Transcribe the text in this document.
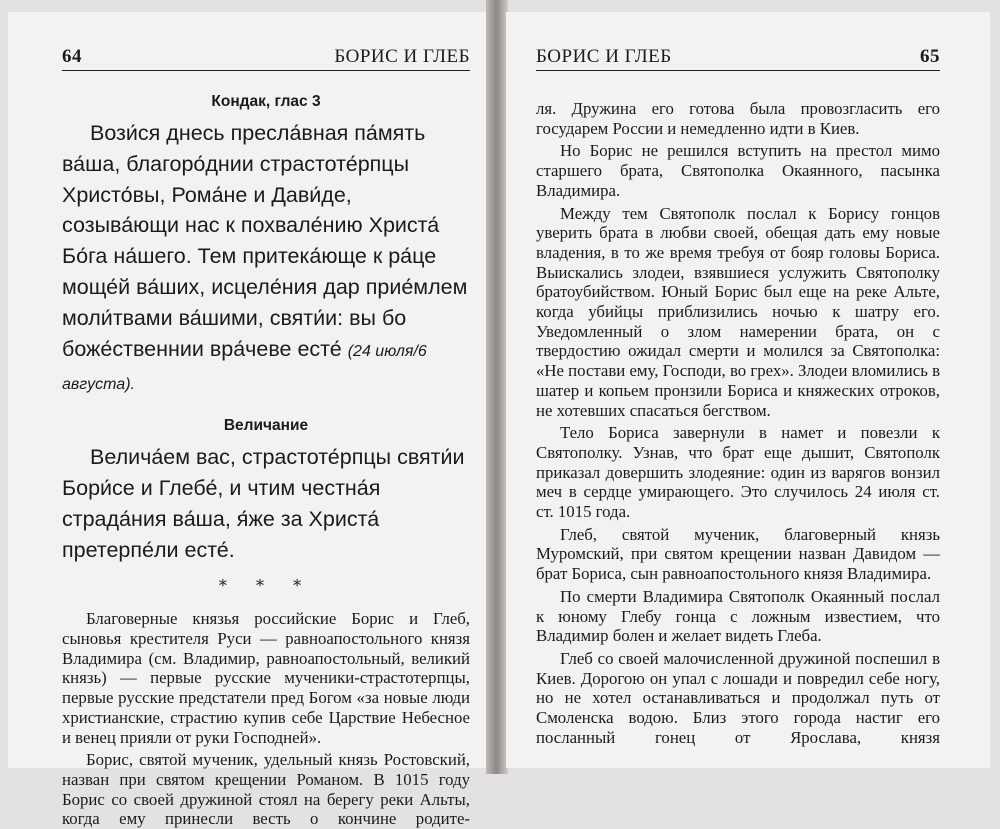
64	БОРИС И ГЛЕБ

Кондак, глас 3

Вози́ся днесь пресла́вная па́мять ва́ша, благоро́днии страстоте́рпцы Христо́вы, Рома́не и Дави́де, созыва́ющи нас к похвале́нию Христа́ Бо́га на́шего. Тем притека́юще к ра́це моще́й ва́ших, исцеле́ния дар прие́млем моли́твами ва́шими, святи́и: вы бо боже́ственнии вра́чеве есте́ (24 июля/6 августа).

Величание

Велича́ем вас, страстоте́рпцы святи́и Бори́се и Глебе́, и чтим честна́я страда́ния ва́ша, я́же за Христа́ претерпе́ли есте́.

* * *

Благоверные князья российские Борис и Глеб, сыновья крестителя Руси — равноапостольного князя Владимира (см. Владимир, равноапостольный, великий князь) — первые русские мученики-страстотерпцы, первые русские предстатели пред Богом «за новые люди христианские, страстию купив себе Царствие Небесное и венец прияли от руки Господней».

Борис, святой мученик, удельный князь Ростовский, назван при святом крещении Романом. В 1015 году Борис со своей дружиной стоял на берегу реки Альты, когда ему принесли весть о кончине родите-

БОРИС И ГЛЕБ	65

ля. Дружина его готова была провозгласить его государем России и немедленно идти в Киев.

Но Борис не решился вступить на престол мимо старшего брата, Святополка Окаянного, пасынка Владимира.

Между тем Святополк послал к Борису гонцов уверить брата в любви своей, обещая дать ему новые владения, в то же время требуя от бояр головы Бориса. Выискались злодеи, взявшиеся услужить Святополку братоубийством. Юный Борис был еще на реке Альте, когда убийцы приблизились ночью к шатру его. Уведомленный о злом намерении брата, он с твердостию ожидал смерти и молился за Святополка: «Не постави ему, Господи, во грех». Злодеи вломились в шатер и копьем пронзили Бориса и княжеских отроков, не хотевших спасаться бегством.

Тело Бориса завернули в намет и повезли к Святополку. Узнав, что брат еще дышит, Святополк приказал довершить злодеяние: один из варягов вонзил меч в сердце умирающего. Это случилось 24 июля ст. ст. 1015 года.

Глеб, святой мученик, благоверный князь Муромский, при святом крещении назван Давидом — брат Бориса, сын равноапостольного князя Владимира.

По смерти Владимира Святополк Окаянный послал к юному Глебу гонца с ложным известием, что Владимир болен и желает видеть Глеба.

Глеб со своей малочисленной дружиной поспешил в Киев. Дорогою он упал с лошади и повредил себе ногу, но не хотел останавливаться и продолжал путь от Смоленска водою. Близ этого города настиг его посланный гонец от Ярослава, князя
